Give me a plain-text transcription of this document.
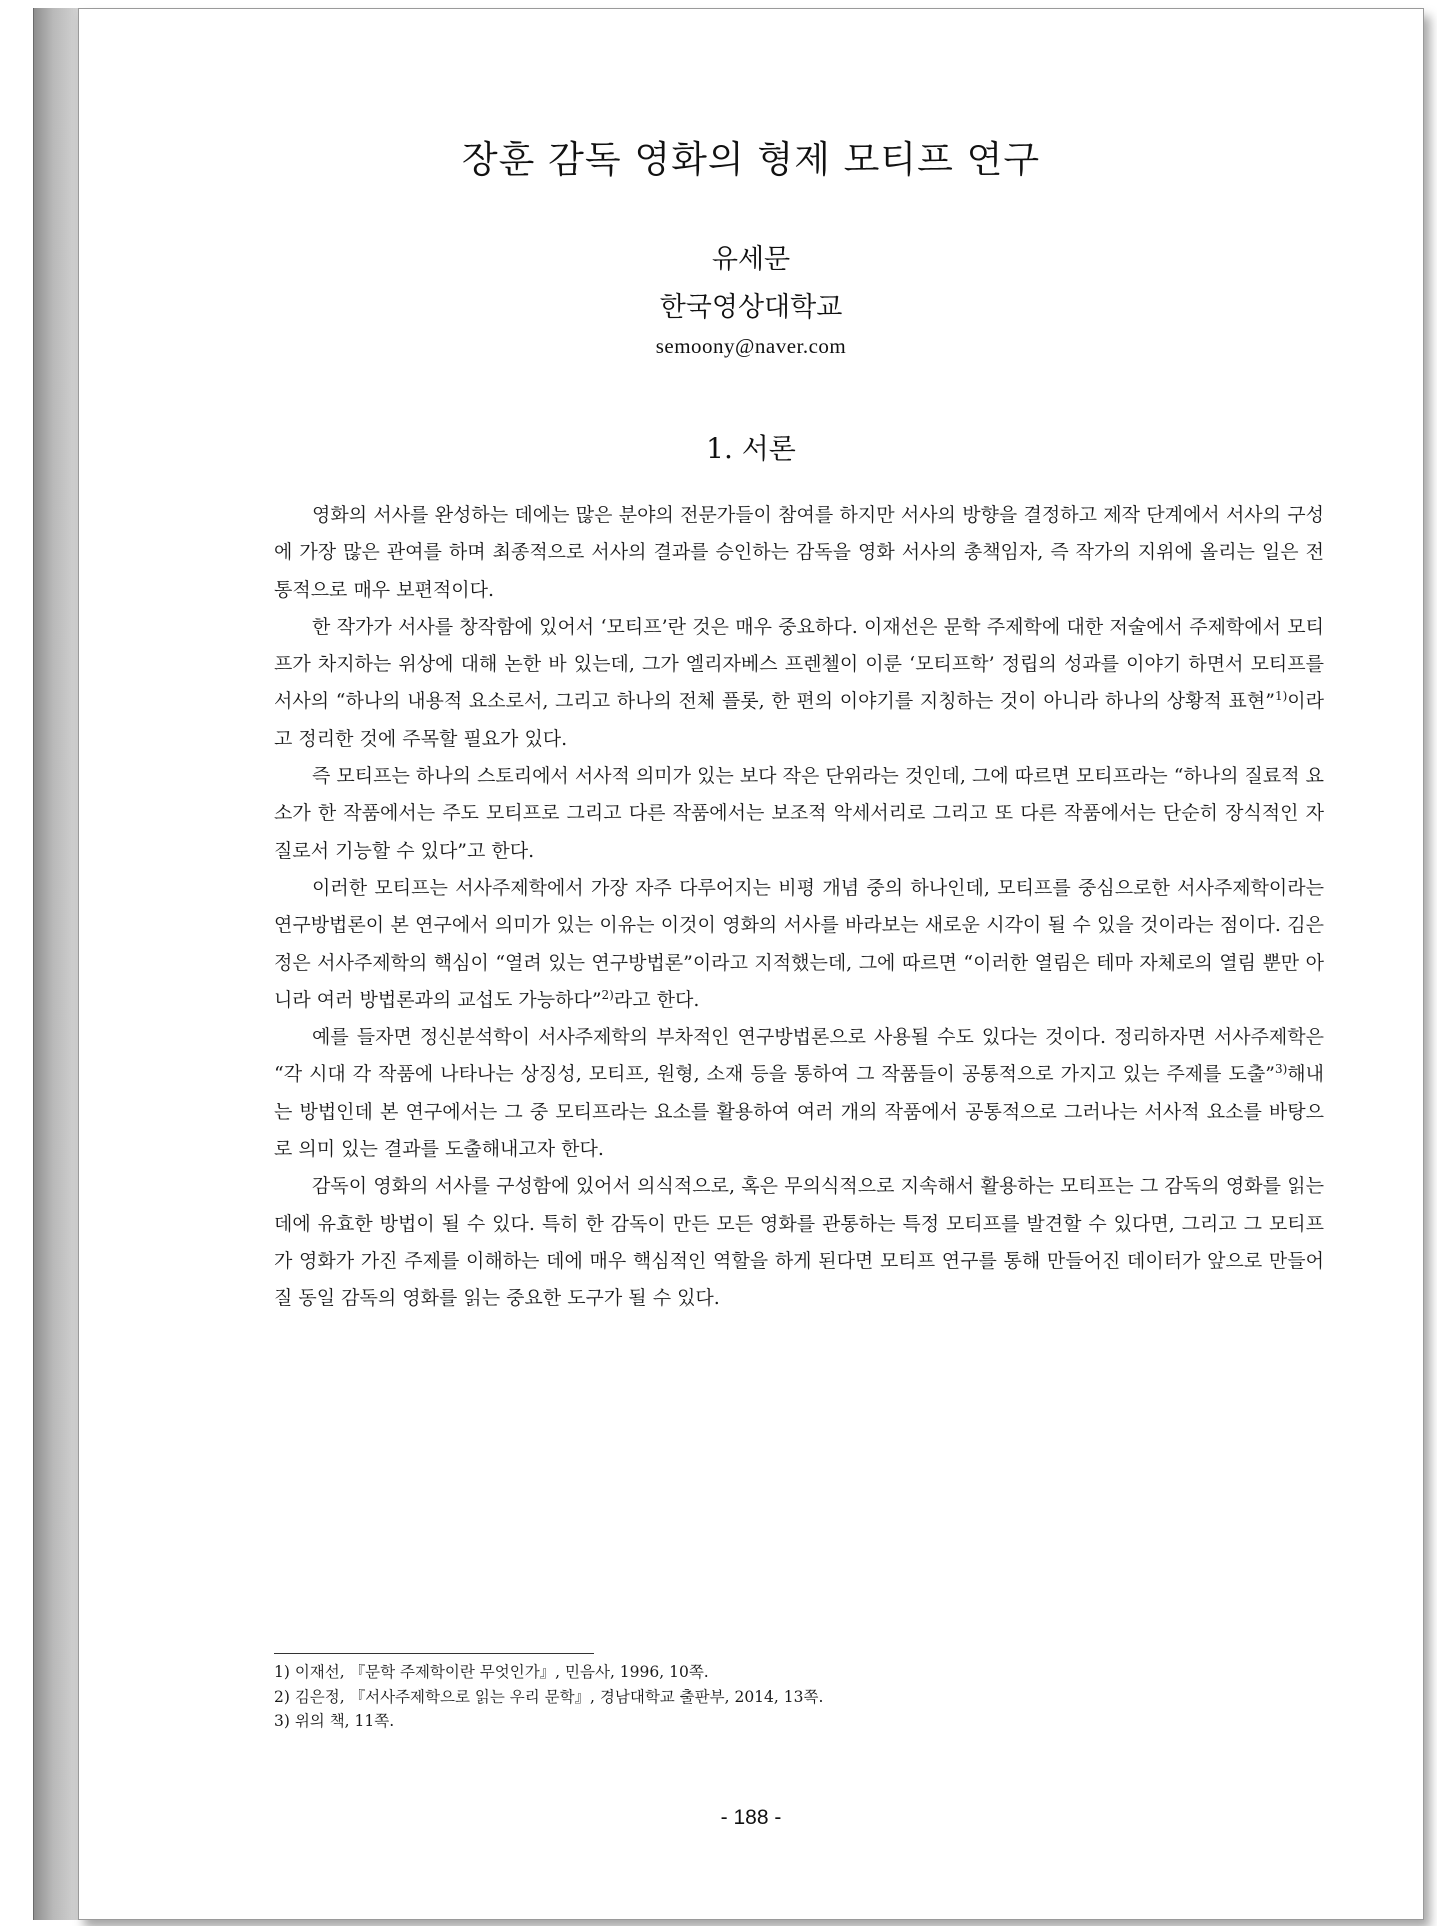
장훈 감독 영화의 형제 모티프 연구
유세문
한국영상대학교
semoony@naver.com
1. 서론

영화의 서사를 완성하는 데에는 많은 분야의 전문가들이 참여를 하지만 서사의 방향을 결정하고 제작 단계에서 서사의 구성에 가장 많은 관여를 하며 최종적으로 서사의 결과를 승인하는 감독을 영화 서사의 총책임자, 즉 작가의 지위에 올리는 일은 전통적으로 매우 보편적이다.

한 작가가 서사를 창작함에 있어서 ‘모티프’란 것은 매우 중요하다. 이재선은 문학 주제학에 대한 저술에서 주제학에서 모티프가 차지하는 위상에 대해 논한 바 있는데, 그가 엘리자베스 프렌첼이 이룬 ‘모티프학’ 정립의 성과를 이야기 하면서 모티프를 서사의 “하나의 내용적 요소로서, 그리고 하나의 전체 플롯, 한 편의 이야기를 지칭하는 것이 아니라 하나의 상황적 표현”$^{1)}$이라고 정리한 것에 주목할 필요가 있다.

즉 모티프는 하나의 스토리에서 서사적 의미가 있는 보다 작은 단위라는 것인데, 그에 따르면 모티프라는 “하나의 질료적 요소가 한 작품에서는 주도 모티프로 그리고 다른 작품에서는 보조적 악세서리로 그리고 또 다른 작품에서는 단순히 장식적인 자질로서 기능할 수 있다”고 한다.

이러한 모티프는 서사주제학에서 가장 자주 다루어지는 비평 개념 중의 하나인데, 모티프를 중심으로한 서사주제학이라는 연구방법론이 본 연구에서 의미가 있는 이유는 이것이 영화의 서사를 바라보는 새로운 시각이 될 수 있을 것이라는 점이다. 김은정은 서사주제학의 핵심이 “열려 있는 연구방법론”이라고 지적했는데, 그에 따르면 “이러한 열림은 테마 자체로의 열림 뿐만 아니라 여러 방법론과의 교섭도 가능하다”$^{2)}$라고 한다.

예를 들자면 정신분석학이 서사주제학의 부차적인 연구방법론으로 사용될 수도 있다는 것이다. 정리하자면 서사주제학은 “각 시대 각 작품에 나타나는 상징성, 모티프, 원형, 소재 등을 통하여 그 작품들이 공통적으로 가지고 있는 주제를 도출”$^{3)}$해내는 방법인데 본 연구에서는 그 중 모티프라는 요소를 활용하여 여러 개의 작품에서 공통적으로 그러나는 서사적 요소를 바탕으로 의미 있는 결과를 도출해내고자 한다.

감독이 영화의 서사를 구성함에 있어서 의식적으로, 혹은 무의식적으로 지속해서 활용하는 모티프는 그 감독의 영화를 읽는 데에 유효한 방법이 될 수 있다. 특히 한 감독이 만든 모든 영화를 관통하는 특정 모티프를 발견할 수 있다면, 그리고 그 모티프가 영화가 가진 주제를 이해하는 데에 매우 핵심적인 역할을 하게 된다면 모티프 연구를 통해 만들어진 데이터가 앞으로 만들어질 동일 감독의 영화를 읽는 중요한 도구가 될 수 있다.

1) 이재선, 『문학 주제학이란 무엇인가』, 민음사, 1996, 10쪽.
2) 김은정, 『서사주제학으로 읽는 우리 문학』, 경남대학교 출판부, 2014, 13쪽.
3) 위의 책, 11쪽.
- 188 -
